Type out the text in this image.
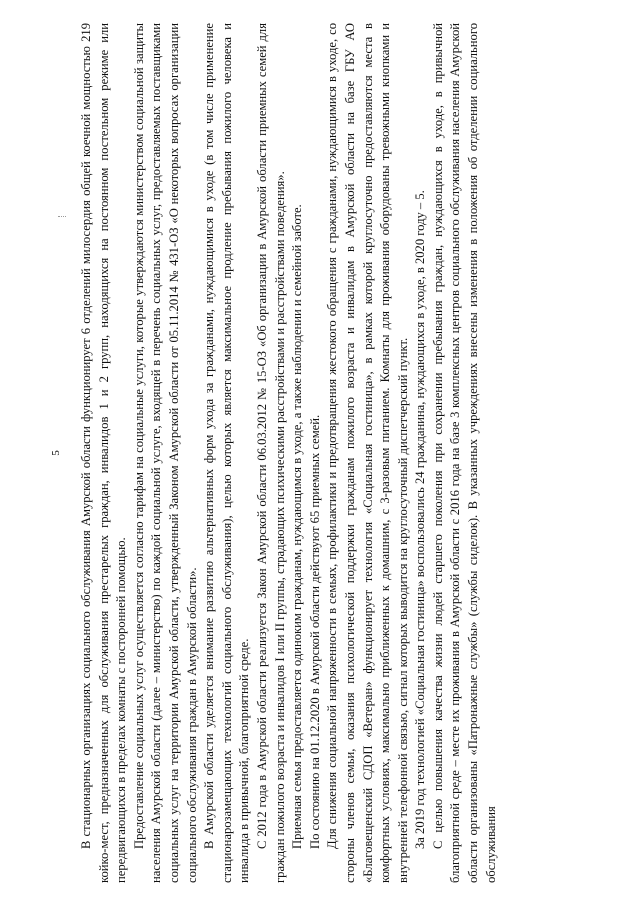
5 В стационарных организациях социального обслуживания Амурской области функционирует 6 отделений милосердия общей коечной мощностью 219 койко-мест, предназначенных для обслуживания престарелых граждан, инвалидов 1 и 2 групп, находящихся на постоянном постельном режиме или передвигающихся в пределах комнаты с посторонней помощью. Предоставление социальных услуг осуществляется согласно тарифам на социальные услуги, которые утверждаются министерством социальной защиты населения Амурской области (далее – министерство) по каждой социальной услуге, входящей в перечень социальных услуг, предоставляемых поставщиками социальных услуг на территории Амурской области, утвержденный Законом Амурской области от 05.11.2014 № 431-ОЗ «О некоторых вопросах организации социального обслуживания граждан в Амурской области». В Амурской области уделяется внимание развитию альтернативных форм ухода за гражданами, нуждающимися в уходе (в том числе применение стационарозамещающих технологий социального обслуживания), целью которых является максимальное продление пребывания пожилого человека и инвалида в привычной, благоприятной среде. С 2012 года в Амурской области реализуется Закон Амурской области 06.03.2012 № 15-ОЗ «Об организации в Амурской области приемных семей для граждан пожилого возраста и инвалидов I или II группы, страдающих психическими расстройствами и расстройствами поведения». Приемная семья предоставляется одиноким гражданам, нуждающимся в уходе, а также наблюдении и семейной заботе. По состоянию на 01.12.2020 в Амурской области действуют 65 приемных семей. Для снижения социальной напряженности в семьях, профилактики и предотвращения жестокого обращения с гражданами, нуждающимися в уходе, со стороны членов семьи, оказания психологической поддержки гражданам пожилого возраста и инвалидам в Амурской области на базе ГБУ АО «Благовещенский СДОП «Ветеран» функционирует технология «Социальная гостиница», в рамках которой круглосуточно предоставляются места в комфортных условиях, максимально приближенных к домашним, с 3-разовым питанием. Комнаты для проживания оборудованы тревожными кнопками и внутренней телефонной связью, сигнал которых выводится на круглосуточный диспетчерский пункт. За 2019 год технологией «Социальная гостиница» воспользовались 24 гражданина, нуждающихся в уходе, в 2020 году – 5. С целью повышения качества жизни людей старшего поколения при сохранении пребывания граждан, нуждающихся в уходе, в привычной благоприятной среде – месте их проживания в Амурской области с 2016 года на базе 3 комплексных центров социального обслуживания населения Амурской области организованы «Патронажные службы» (службы сиделок). В указанных учреждениях внесены изменения в положения об отделении социального обслуживания
